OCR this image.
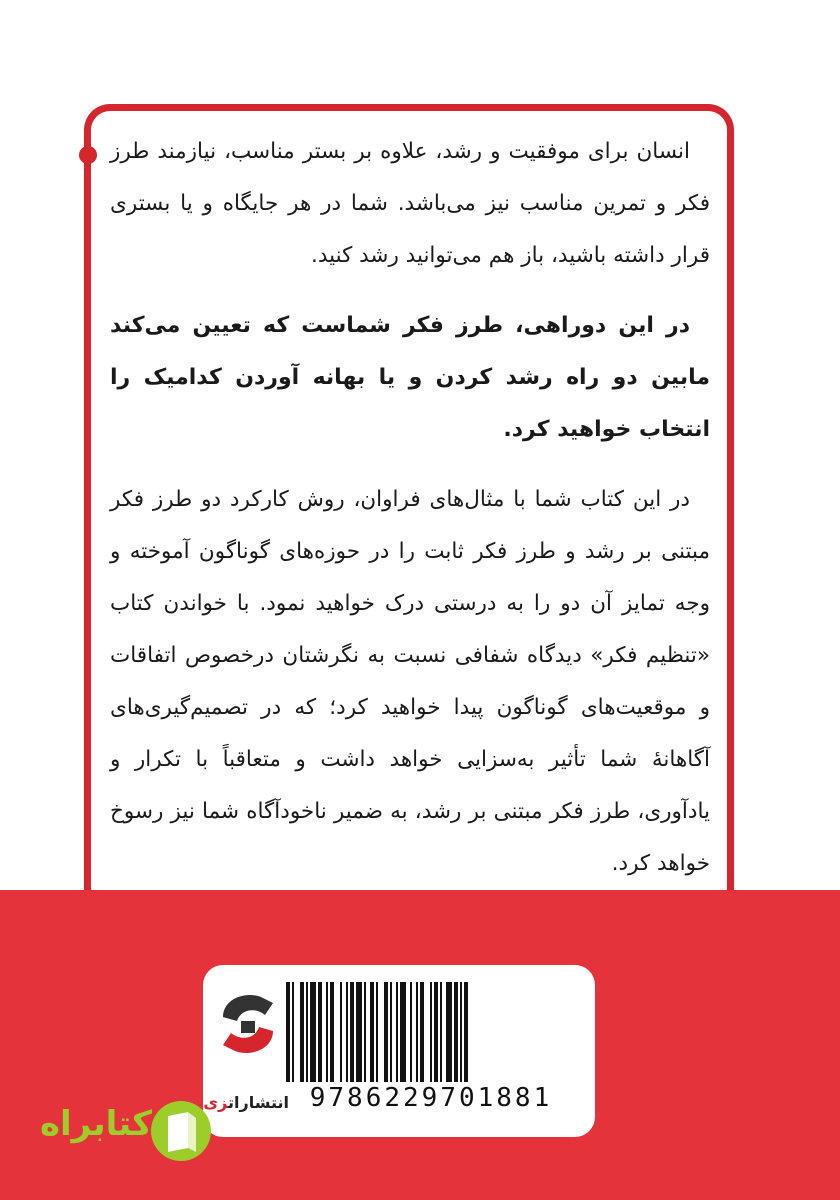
انسان برای موفقیت و رشد، علاوه بر بستر مناسب، نیازمند طرز فکر و تمرین مناسب نیز می‌باشد. شما در هر جایگاه و یا بستری قرار داشته باشید، باز هم می‌توانید رشد کنید.

در این دوراهی، طرز فکر شماست که تعیین می‌کند مابین دو راه رشد کردن و یا بهانه آوردن کدامیک را انتخاب خواهید کرد.

در این کتاب شما با مثال‌های فراوان، روش کارکرد دو طرز فکر مبتنی بر رشد و طرز فکر ثابت را در حوزه‌های گوناگون آموخته و وجه تمایز آن دو را به درستی درک خواهید نمود. با خواندن کتاب «تنظیم فکر» دیدگاه شفافی نسبت به نگرشتان درخصوص اتفاقات و موقعیت‌های گوناگون پیدا خواهید کرد؛ که در تصمیم‌گیری‌های آگاهانهٔ شما تأثیر به‌سزایی خواهد داشت و متعاقباً با تکرار و یادآوری، طرز فکر مبتنی بر رشد، به ضمیر ناخودآگاه شما نیز رسوخ خواهد کرد.

انتشاراتزی	9786229701881
کتابراه
